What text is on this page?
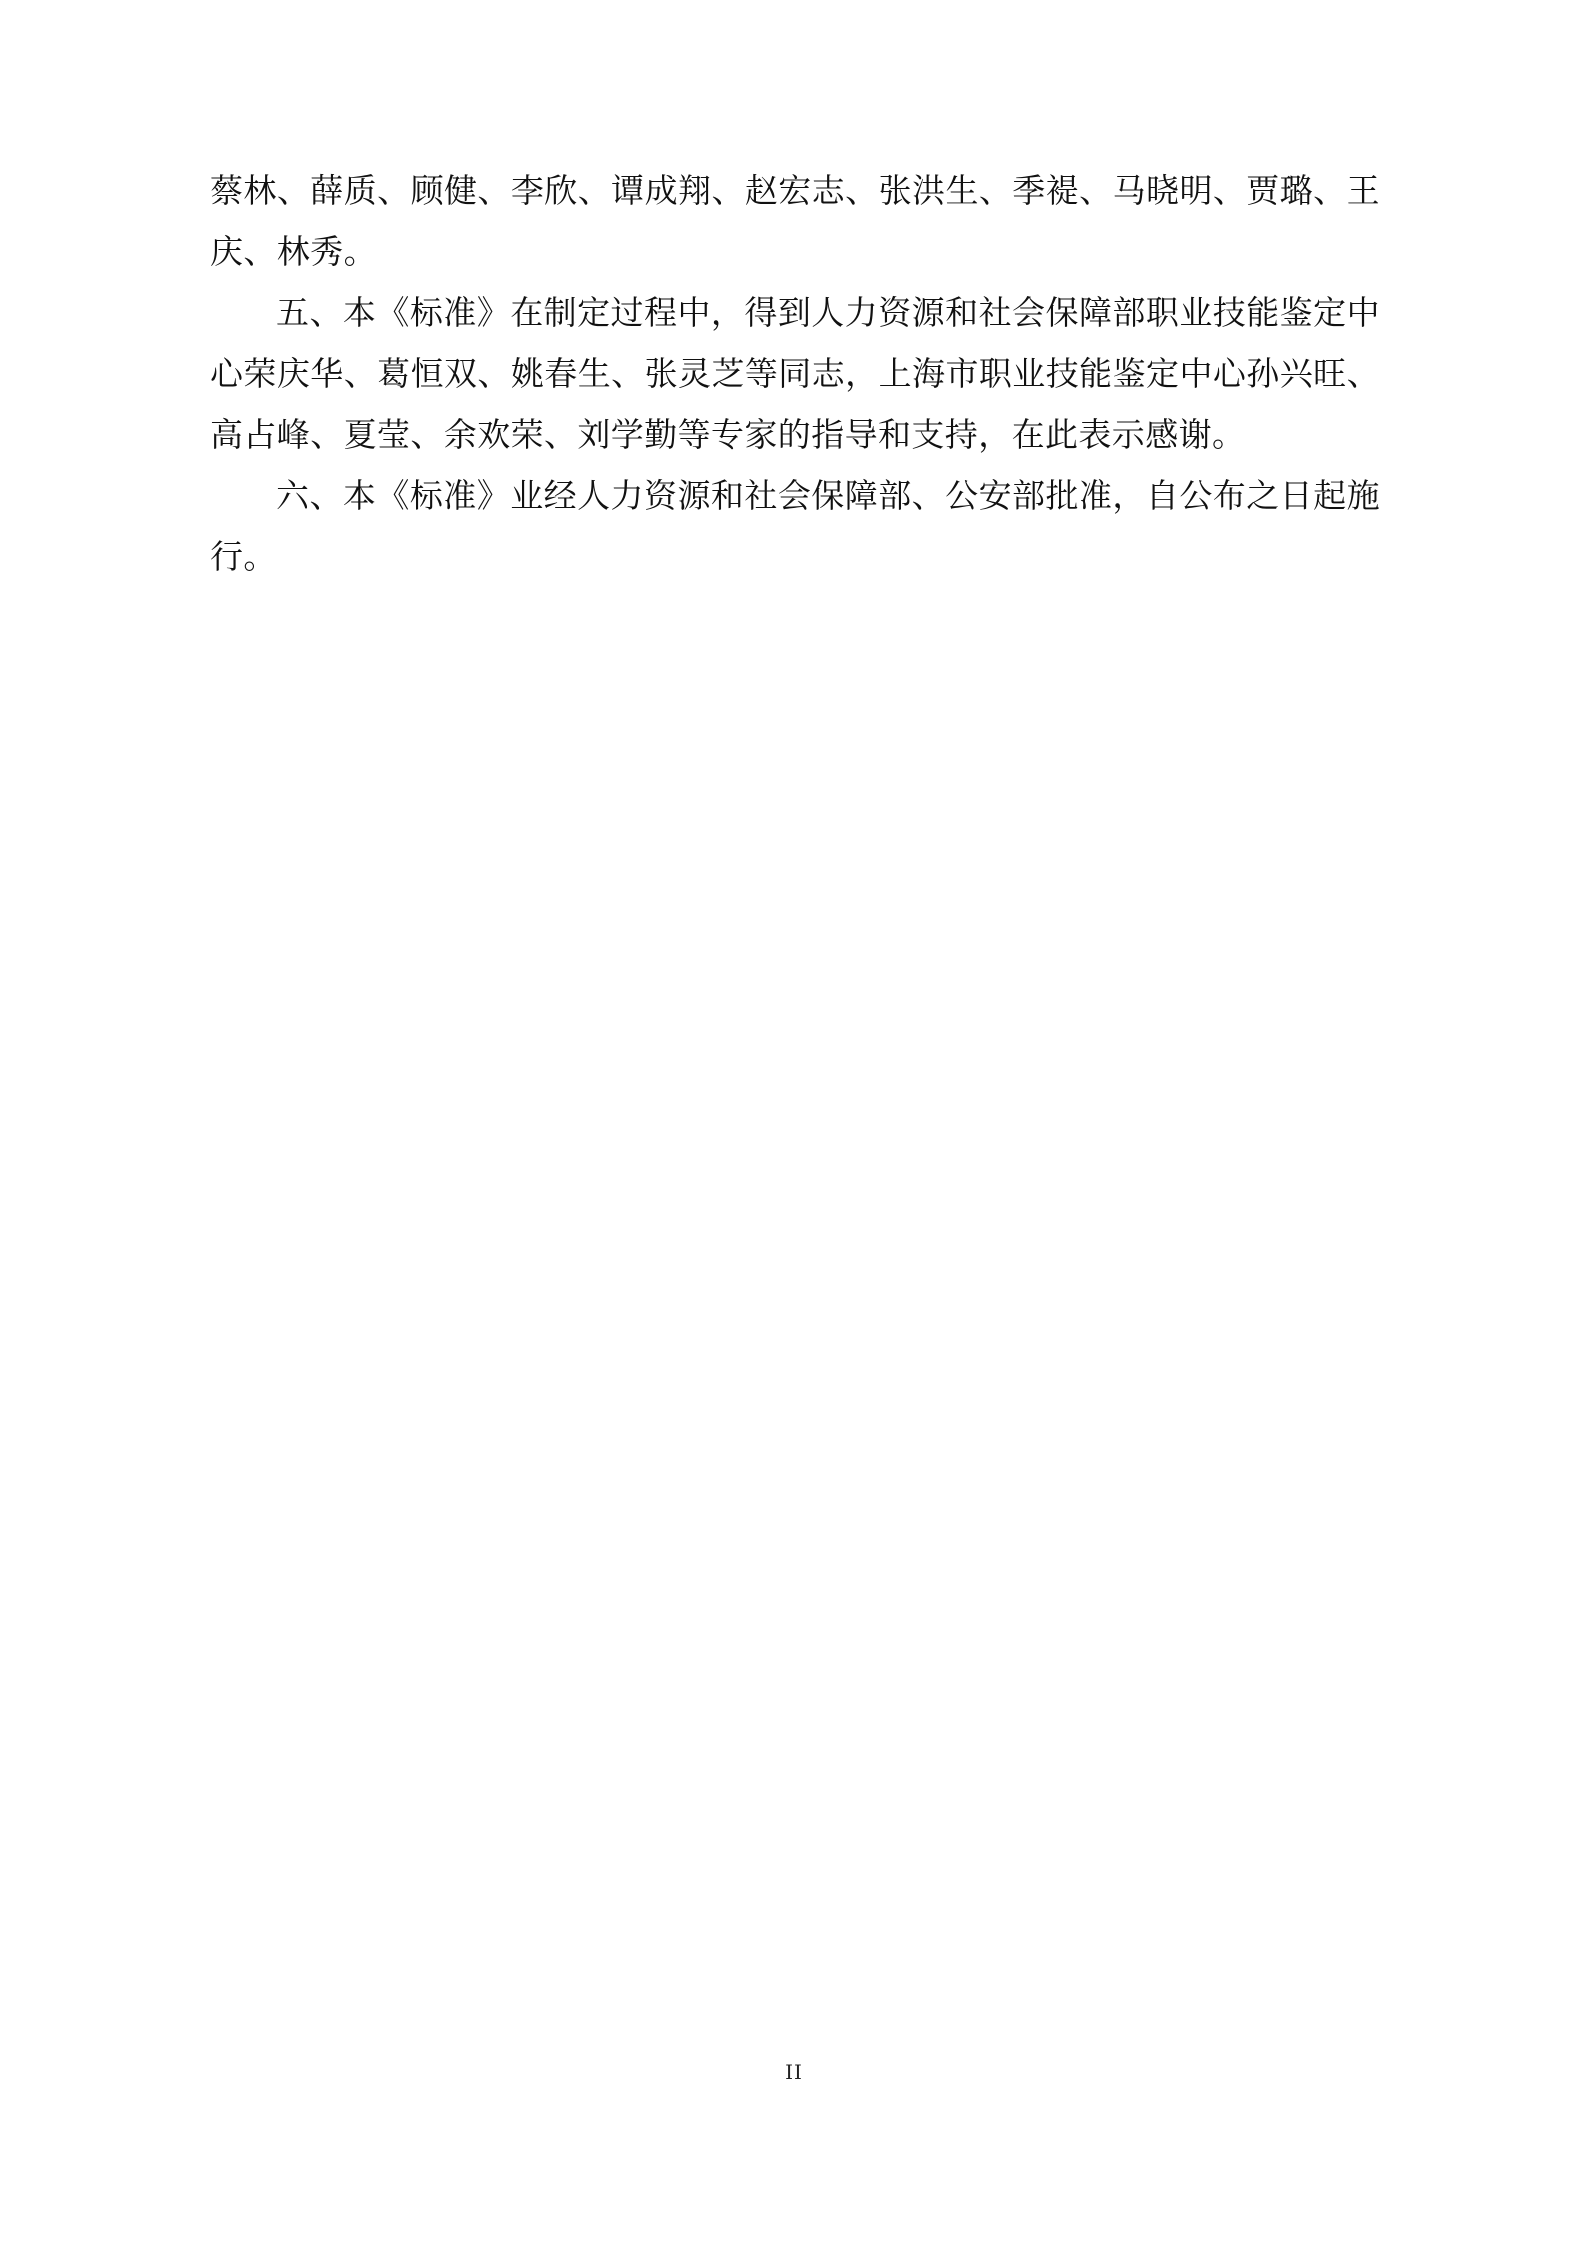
蔡林、薛质、顾健、李欣、谭成翔、赵宏志、张洪生、季褆、马晓明、贾璐、王庆、林秀。

五、本《标准》在制定过程中，得到人力资源和社会保障部职业技能鉴定中心荣庆华、葛恒双、姚春生、张灵芝等同志，上海市职业技能鉴定中心孙兴旺、高占峰、夏莹、余欢荣、刘学勤等专家的指导和支持，在此表示感谢。

六、本《标准》业经人力资源和社会保障部、公安部批准，自公布之日起施行。

II
